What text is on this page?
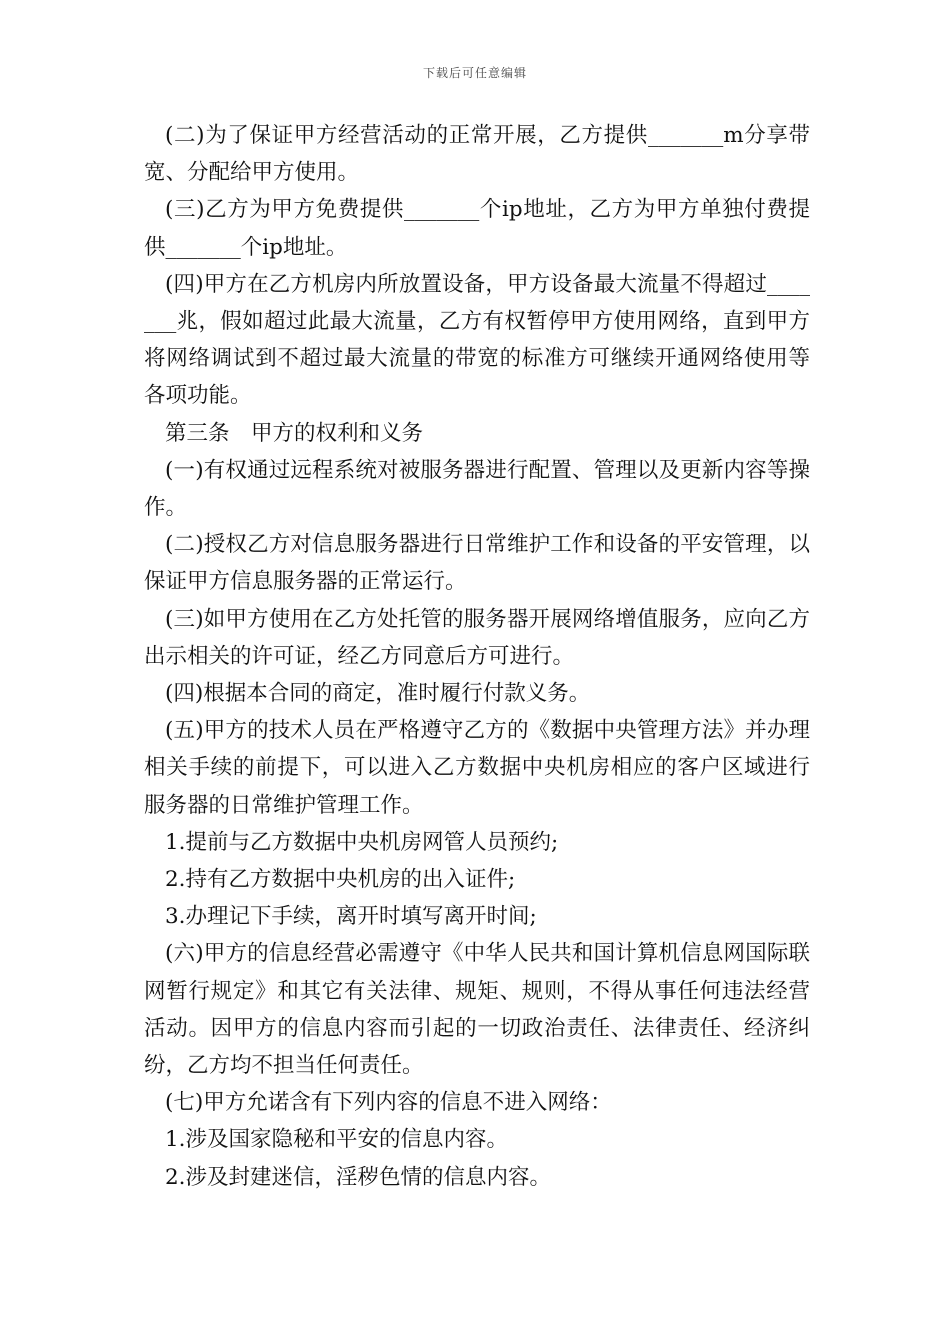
下载后可任意编辑

(二)为了保证甲方经营活动的正常开展，乙方提供_______m分享带宽、分配给甲方使用。

(三)乙方为甲方免费提供_______个ip地址，乙方为甲方单独付费提供_______个ip地址。

(四)甲方在乙方机房内所放置设备，甲方设备最大流量不得超过_______兆，假如超过此最大流量，乙方有权暂停甲方使用网络，直到甲方将网络调试到不超过最大流量的带宽的标准方可继续开通网络使用等各项功能。

第三条　甲方的权利和义务

(一)有权通过远程系统对被服务器进行配置、管理以及更新内容等操作。

(二)授权乙方对信息服务器进行日常维护工作和设备的平安管理，以保证甲方信息服务器的正常运行。

(三)如甲方使用在乙方处托管的服务器开展网络增值服务，应向乙方出示相关的许可证，经乙方同意后方可进行。

(四)根据本合同的商定，准时履行付款义务。

(五)甲方的技术人员在严格遵守乙方的《数据中央管理方法》并办理相关手续的前提下，可以进入乙方数据中央机房相应的客户区域进行服务器的日常维护管理工作。

1.提前与乙方数据中央机房网管人员预约;

2.持有乙方数据中央机房的出入证件;

3.办理记下手续，离开时填写离开时间;

(六)甲方的信息经营必需遵守《中华人民共和国计算机信息网国际联网暂行规定》和其它有关法律、规矩、规则，不得从事任何违法经营活动。因甲方的信息内容而引起的一切政治责任、法律责任、经济纠纷，乙方均不担当任何责任。

(七)甲方允诺含有下列内容的信息不进入网络：

1.涉及国家隐秘和平安的信息内容。

2.涉及封建迷信，淫秽色情的信息内容。
